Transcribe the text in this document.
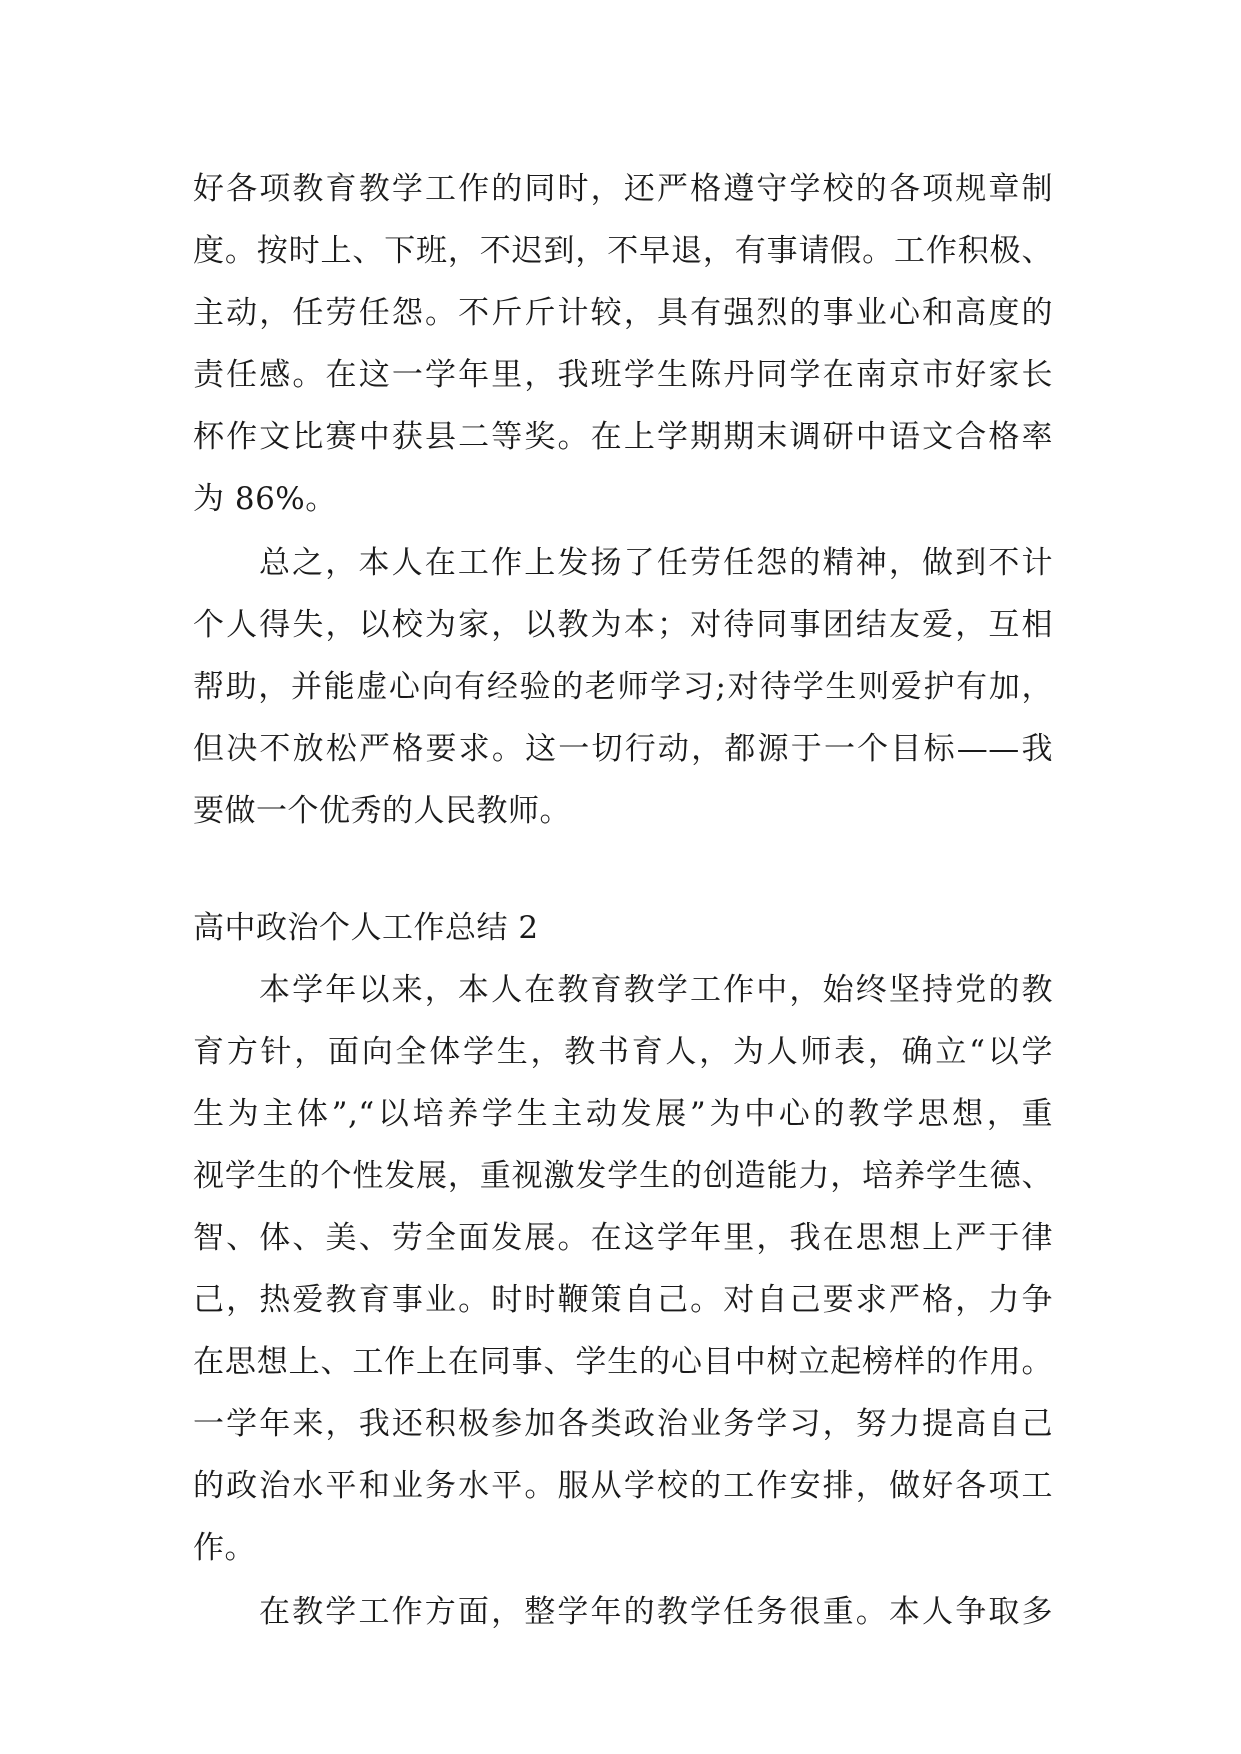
好各项教育教学工作的同时，还严格遵守学校的各项规章制
度。按时上、下班，不迟到，不早退，有事请假。工作积极、
主动，任劳任怨。不斤斤计较，具有强烈的事业心和高度的
责任感。在这一学年里，我班学生陈丹同学在南京市好家长
杯作文比赛中获县二等奖。在上学期期末调研中语文合格率
为 86%。
总之，本人在工作上发扬了任劳任怨的精神，做到不计
个人得失，以校为家，以教为本；对待同事团结友爱，互相
帮助，并能虚心向有经验的老师学习;对待学生则爱护有加，
但决不放松严格要求。这一切行动，都源于一个目标——我
要做一个优秀的人民教师。
高中政治个人工作总结 2
本学年以来，本人在教育教学工作中，始终坚持党的教
育方针，面向全体学生，教书育人，为人师表，确立“以学
生为主体”,“以培养学生主动发展”为中心的教学思想，重
视学生的个性发展，重视激发学生的创造能力，培养学生德、
智、体、美、劳全面发展。在这学年里，我在思想上严于律
己，热爱教育事业。时时鞭策自己。对自己要求严格，力争
在思想上、工作上在同事、学生的心目中树立起榜样的作用。
一学年来，我还积极参加各类政治业务学习，努力提高自己
的政治水平和业务水平。服从学校的工作安排，做好各项工
作。
在教学工作方面，整学年的教学任务很重。本人争取多
